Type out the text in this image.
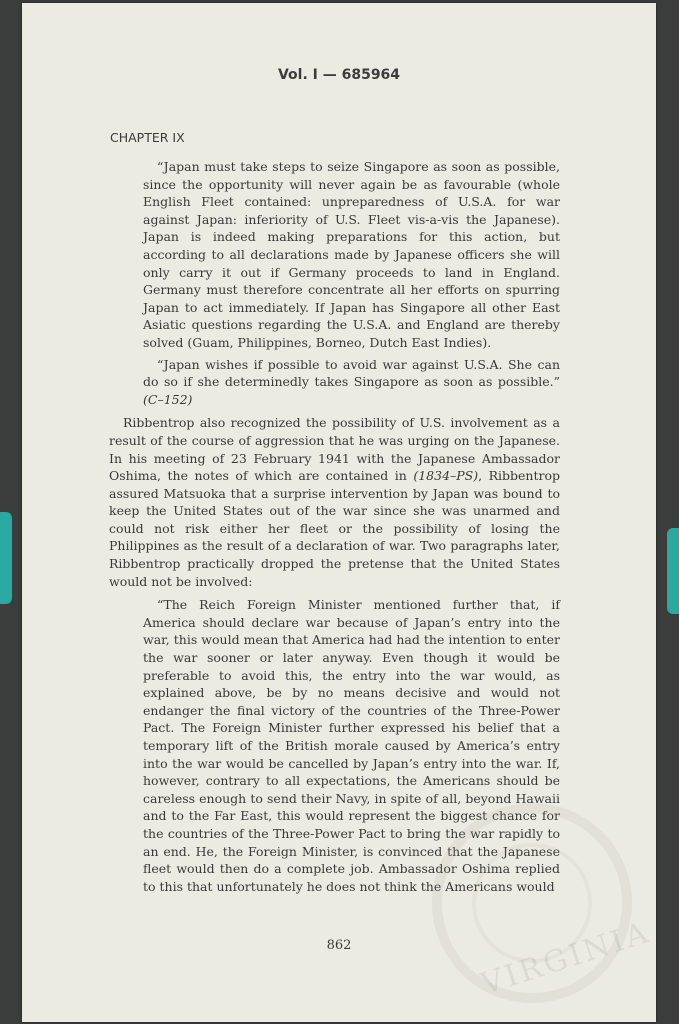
Vol. I — 685964
CHAPTER IX

“Japan must take steps to seize Singapore as soon as possible, since the opportunity will never again be as favourable (whole English Fleet contained: unpreparedness of U.S.A. for war against Japan: inferiority of U.S. Fleet vis-a-vis the Japanese). Japan is indeed making preparations for this action, but according to all declarations made by Japanese officers she will only carry it out if Germany proceeds to land in England. Germany must therefore concentrate all her efforts on spurring Japan to act immediately. If Japan has Singapore all other East Asiatic questions regarding the U.S.A. and England are thereby solved (Guam, Philippines, Borneo, Dutch East Indies).

“Japan wishes if possible to avoid war against U.S.A. She can do so if she determinedly takes Singapore as soon as possible.” (C–152)

Ribbentrop also recognized the possibility of U.S. involvement as a result of the course of aggression that he was urging on the Japanese. In his meeting of 23 February 1941 with the Japanese Ambassador Oshima, the notes of which are contained in (1834–PS), Ribbentrop assured Matsuoka that a surprise intervention by Japan was bound to keep the United States out of the war since she was unarmed and could not risk either her fleet or the possibility of losing the Philippines as the result of a declaration of war. Two paragraphs later, Ribbentrop practically dropped the pretense that the United States would not be involved:

“The Reich Foreign Minister mentioned further that, if America should declare war because of Japan’s entry into the war, this would mean that America had had the intention to enter the war sooner or later anyway. Even though it would be preferable to avoid this, the entry into the war would, as explained above, be by no means decisive and would not endanger the final victory of the countries of the Three-Power Pact. The Foreign Minister further expressed his belief that a temporary lift of the British morale caused by America’s entry into the war would be cancelled by Japan’s entry into the war. If, however, contrary to all expectations, the Americans should be careless enough to send their Navy, in spite of all, beyond Hawaii and to the Far East, this would represent the biggest chance for the countries of the Three-Power Pact to bring the war rapidly to an end. He, the Foreign Minister, is convinced that the Japanese fleet would then do a complete job. Ambassador Oshima replied to this that unfortunately he does not think the Americans would

862	VIRGINIA
